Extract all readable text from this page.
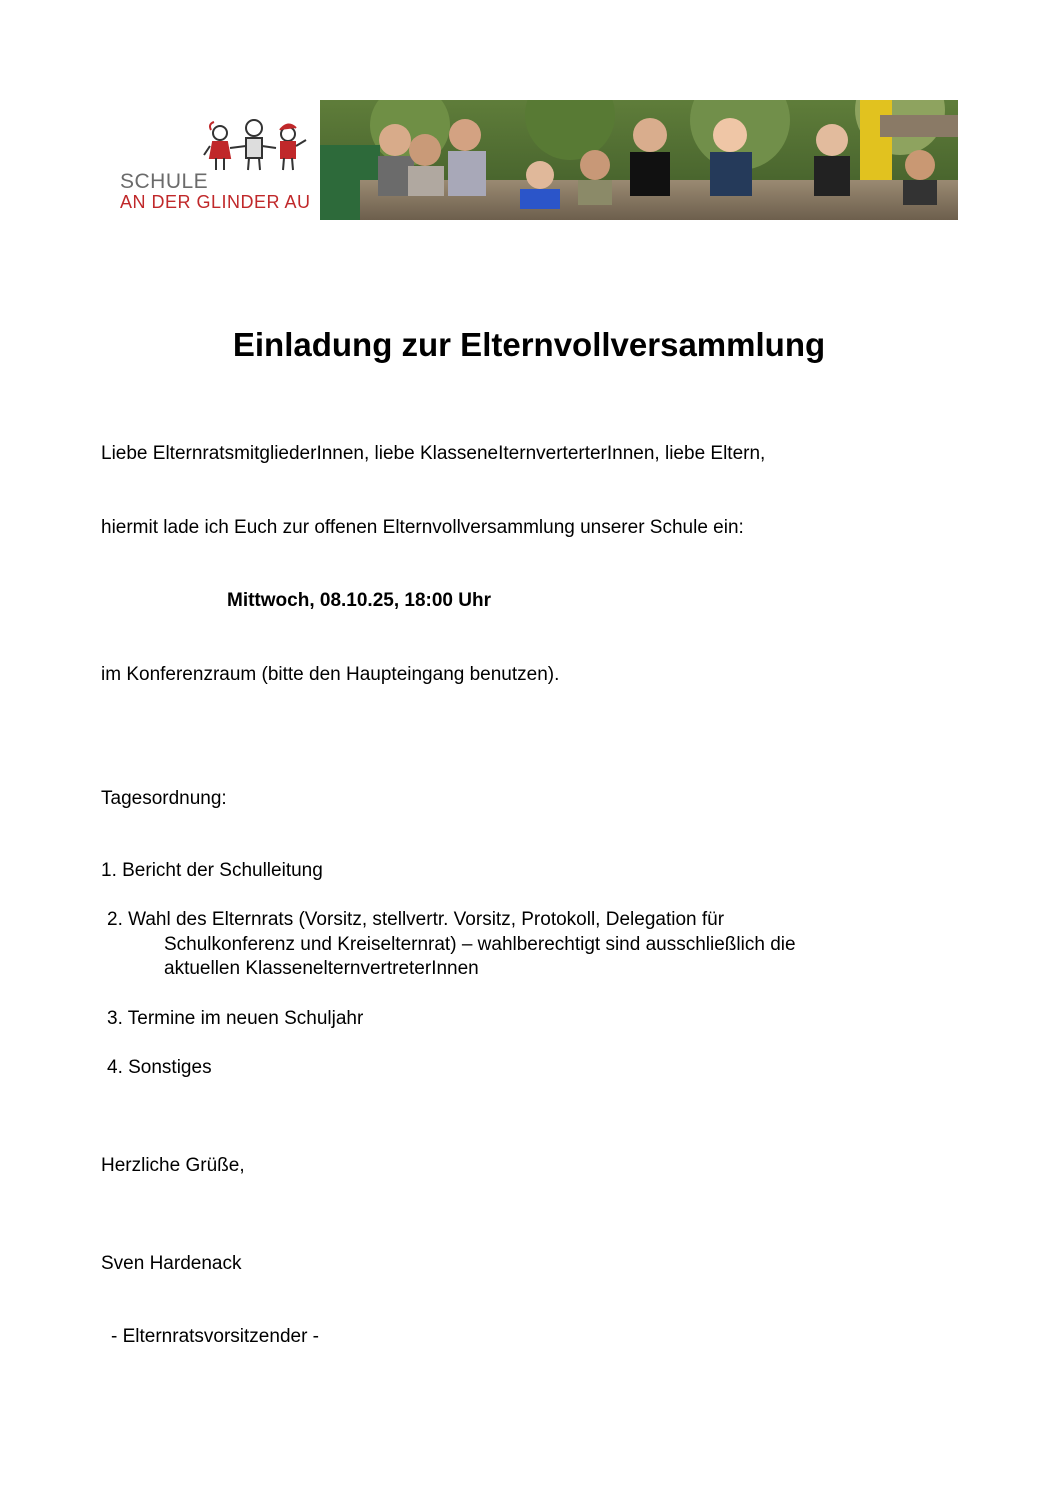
SCHULE
AN DER GLINDER AU
Einladung zur Elternvollversammlung
Liebe ElternratsmitgliederInnen, liebe KlasseneIternverterterInnen, liebe Eltern,
hiermit lade ich Euch zur offenen Elternvollversammlung unserer Schule ein:
Mittwoch, 08.10.25, 18:00 Uhr
im Konferenzraum (bitte den Haupteingang benutzen).
Tagesordnung:
1. Bericht der Schulleitung
2. Wahl des Elternrats (Vorsitz, stellvertr. Vorsitz, Protokoll, Delegation für
Schulkonferenz und Kreiselternrat) – wahlberechtigt sind ausschließlich die
aktuellen KlassenelternvertreterInnen
3. Termine im neuen Schuljahr
4. Sonstiges
Herzliche Grüße,
Sven Hardenack
- Elternratsvorsitzender -
